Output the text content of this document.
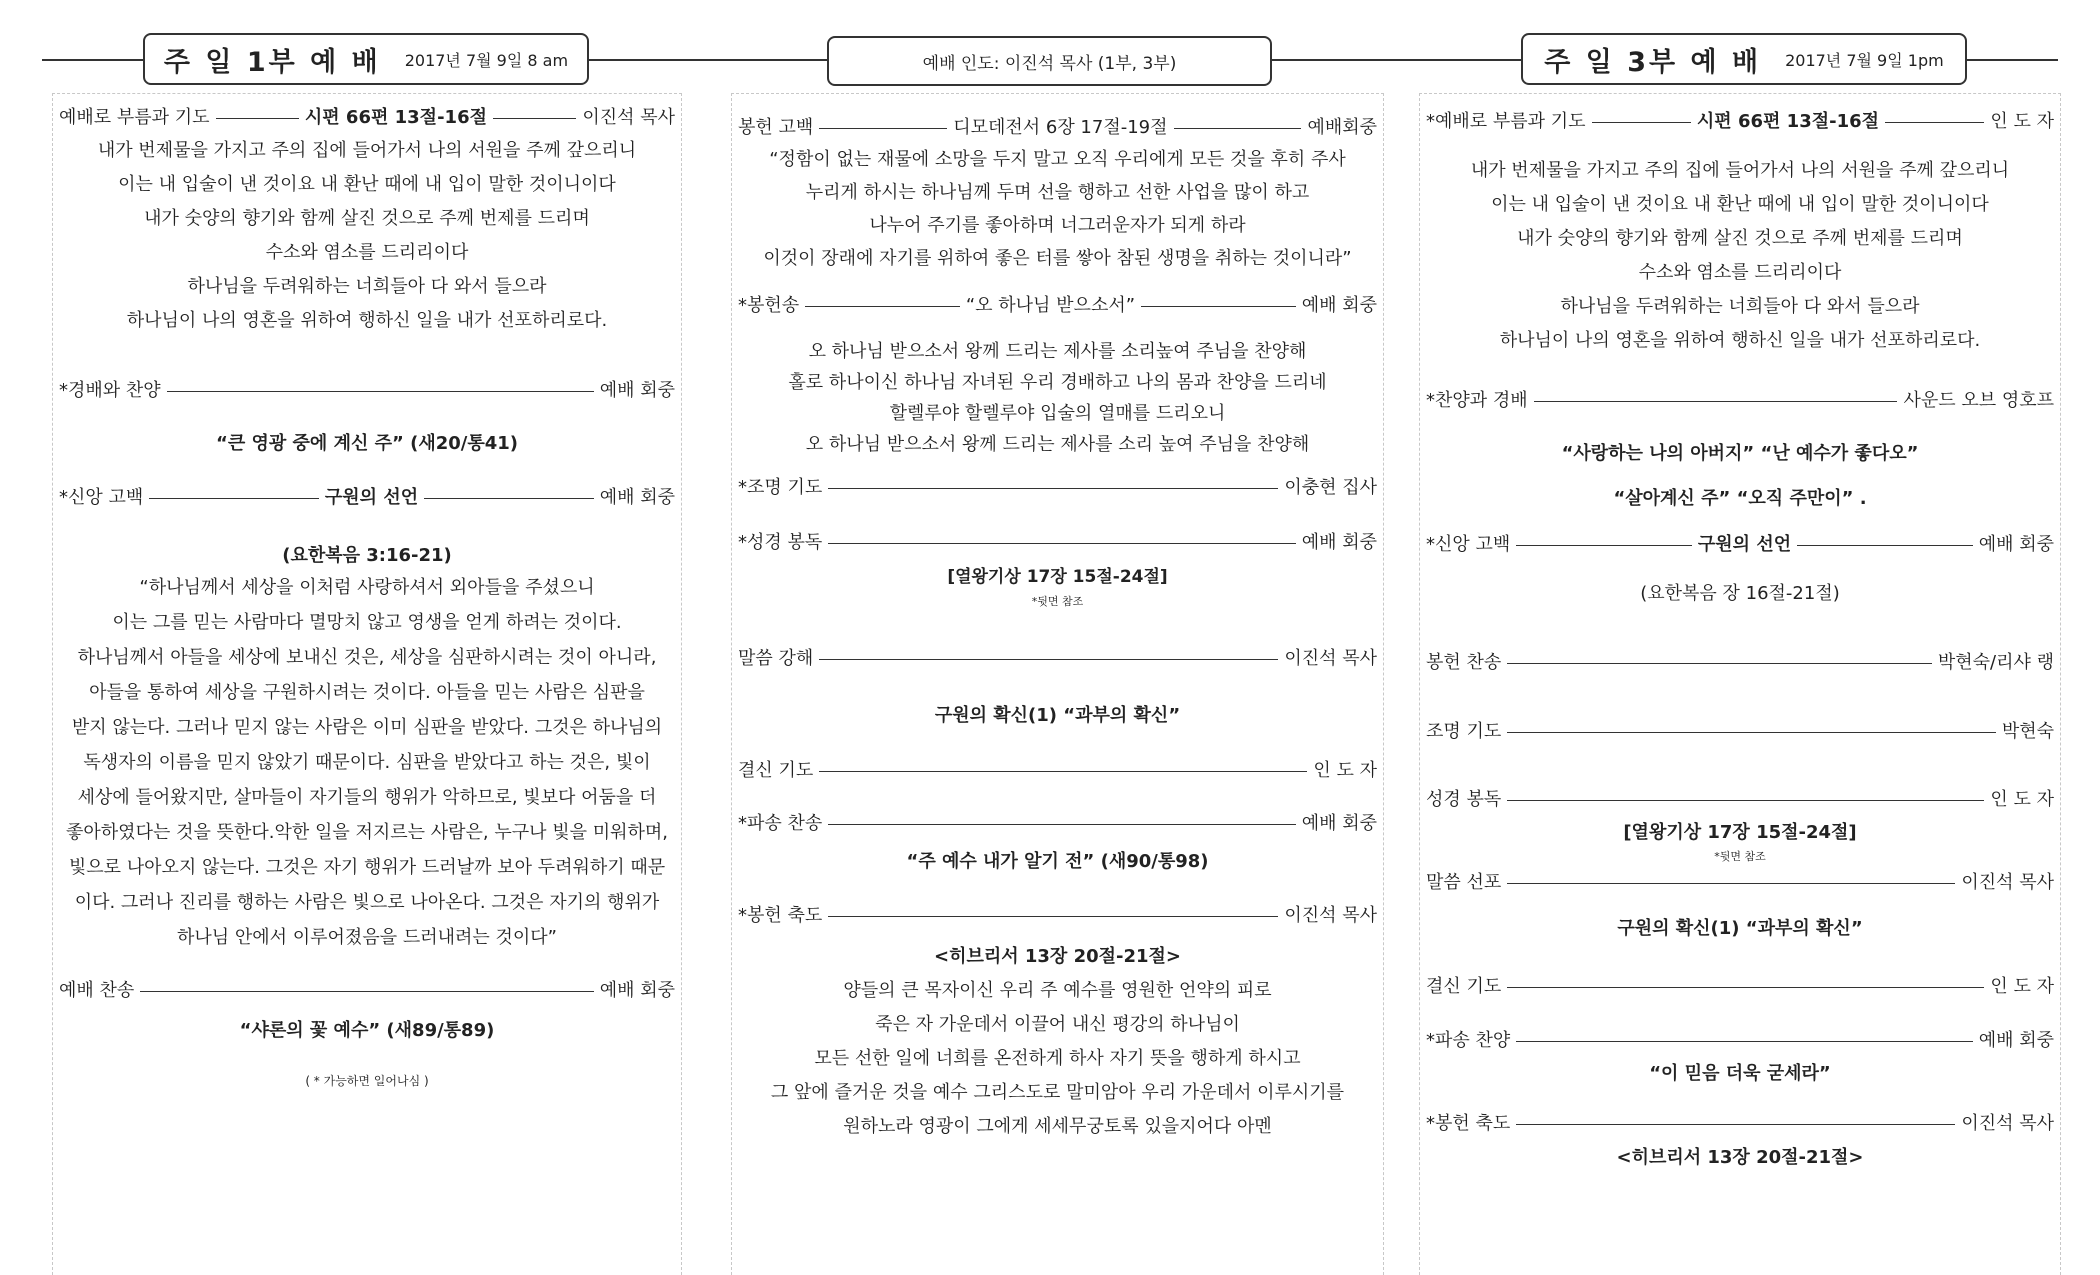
주 일 1부 예 배 2017년 7월 9일 8 am	예배 인도: 이진석 목사 (1부, 3부)	주 일 3부 예 배 2017년 7월 9일 1pm
예배로 부름과 기도	시편 66편 13절-16절	이진석 목사
내가 번제물을 가지고 주의 집에 들어가서 나의 서원을 주께 갚으리니
이는 내 입술이 낸 것이요 내 환난 때에 내 입이 말한 것이니이다
내가 숫양의 향기와 함께 살진 것으로 주께 번제를 드리며
수소와 염소를 드리리이다
하나님을 두려워하는 너희들아 다 와서 들으라
하나님이 나의 영혼을 위하여 행하신 일을 내가 선포하리로다.
*경배와 찬양	예배 회중
“큰 영광 중에 계신 주” (새20/통41)
*신앙 고백	구원의 선언	예배 회중
(요한복음 3:16-21)
“하나님께서 세상을 이처럼 사랑하셔서 외아들을 주셨으니
이는 그를 믿는 사람마다 멸망치 않고 영생을 얻게 하려는 것이다.
하나님께서 아들을 세상에 보내신 것은, 세상을 심판하시려는 것이 아니라,
아들을 통하여 세상을 구원하시려는 것이다. 아들을 믿는 사람은 심판을
받지 않는다. 그러나 믿지 않는 사람은 이미 심판을 받았다. 그것은 하나님의
독생자의 이름을 믿지 않았기 때문이다. 심판을 받았다고 하는 것은, 빛이
세상에 들어왔지만, 살마들이 자기들의 행위가 악하므로, 빛보다 어둠을 더
좋아하였다는 것을 뜻한다.악한 일을 저지르는 사람은, 누구나 빛을 미워하며,
빛으로 나아오지 않는다. 그것은 자기 행위가 드러날까 보아 두려워하기 때문
이다. 그러나 진리를 행하는 사람은 빛으로 나아온다. 그것은 자기의 행위가
하나님 안에서 이루어졌음을 드러내려는 것이다”
예배 찬송	예배 회중
“샤론의 꽃 예수” (새89/통89)
( * 가능하면 일어나심 )
봉헌 고백	디모데전서 6장 17절-19절	예배회중
“정함이 없는 재물에 소망을 두지 말고 오직 우리에게 모든 것을 후히 주사
누리게 하시는 하나님께 두며 선을 행하고 선한 사업을 많이 하고
나누어 주기를 좋아하며 너그러운자가 되게 하라
이것이 장래에 자기를 위하여 좋은 터를 쌓아 참된 생명을 취하는 것이니라”
*봉헌송	“오 하나님 받으소서”	예배 회중
오 하나님 받으소서 왕께 드리는 제사를 소리높여 주님을 찬양해
홀로 하나이신 하나님 자녀된 우리 경배하고 나의 몸과 찬양을 드리네
할렐루야 할렐루야 입술의 열매를 드리오니
오 하나님 받으소서 왕께 드리는 제사를 소리 높여 주님을 찬양해
*조명 기도	이충현 집사
*성경 봉독	예배 회중
[열왕기상 17장 15절-24절]
*뒷면 참조
말씀 강해	이진석 목사
구원의 확신(1) “과부의 확신”
결신 기도	인 도 자
*파송 찬송	예배 회중
“주 예수 내가 알기 전” (새90/통98)
*봉헌 축도	이진석 목사
<히브리서 13장 20절-21절>
양들의 큰 목자이신 우리 주 예수를 영원한 언약의 피로
죽은 자 가운데서 이끌어 내신 평강의 하나님이
모든 선한 일에 너희를 온전하게 하사 자기 뜻을 행하게 하시고
그 앞에 즐거운 것을 예수 그리스도로 말미암아 우리 가운데서 이루시기를
원하노라 영광이 그에게 세세무궁토록 있을지어다 아멘
*예배로 부름과 기도	시편 66편 13절-16절	인 도 자
내가 번제물을 가지고 주의 집에 들어가서 나의 서원을 주께 갚으리니
이는 내 입술이 낸 것이요 내 환난 때에 내 입이 말한 것이니이다
내가 숫양의 향기와 함께 살진 것으로 주께 번제를 드리며
수소와 염소를 드리리이다
하나님을 두려워하는 너희들아 다 와서 들으라
하나님이 나의 영혼을 위하여 행하신 일을 내가 선포하리로다.
*찬양과 경배	사운드 오브 영호프
“사랑하는 나의 아버지” “난 예수가 좋다오”
“살아계신 주” “오직 주만이” .
*신앙 고백	구원의 선언	예배 회중
(요한복음 장 16절-21절)
봉헌 찬송	박현숙/리샤 랭
조명 기도	박현숙
성경 봉독	인 도 자
[열왕기상 17장 15절-24절]
*뒷면 참조
말씀 선포	이진석 목사
구원의 확신(1) “과부의 확신”
결신 기도	인 도 자
*파송 찬양	예배 회중
“이 믿음 더욱 굳세라”
*봉헌 축도	이진석 목사
<히브리서 13장 20절-21절>
